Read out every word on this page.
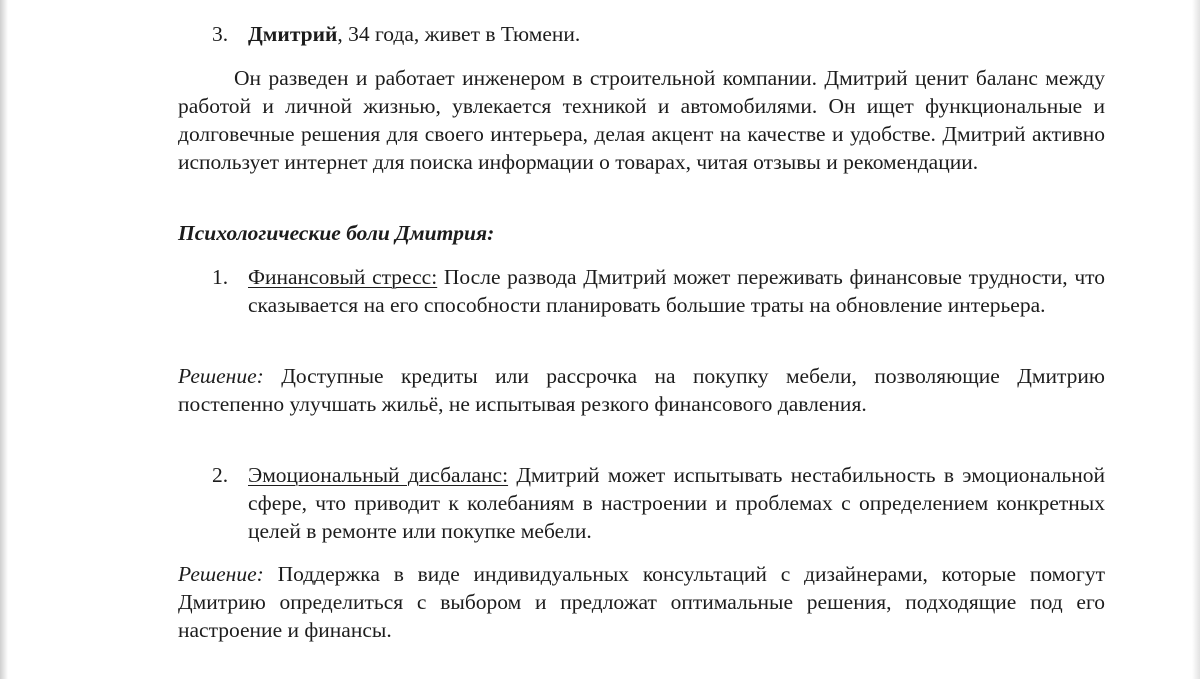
3. Дмитрий, 34 года, живет в Тюмени.
Он разведен и работает инженером в строительной компании. Дмитрий ценит баланс между работой и личной жизнью, увлекается техникой и автомобилями. Он ищет функциональные и долговечные решения для своего интерьера, делая акцент на качестве и удобстве. Дмитрий активно использует интернет для поиска информации о товарах, читая отзывы и рекомендации.
Психологические боли Дмитрия:
1. Финансовый стресс: После развода Дмитрий может переживать финансовые трудности, что сказывается на его способности планировать большие траты на обновление интерьера.
Решение: Доступные кредиты или рассрочка на покупку мебели, позволяющие Дмитрию постепенно улучшать жильё, не испытывая резкого финансового давления.
2. Эмоциональный дисбаланс: Дмитрий может испытывать нестабильность в эмоциональной сфере, что приводит к колебаниям в настроении и проблемах с определением конкретных целей в ремонте или покупке мебели.
Решение: Поддержка в виде индивидуальных консультаций с дизайнерами, которые помогут Дмитрию определиться с выбором и предложат оптимальные решения, подходящие под его настроение и финансы.
